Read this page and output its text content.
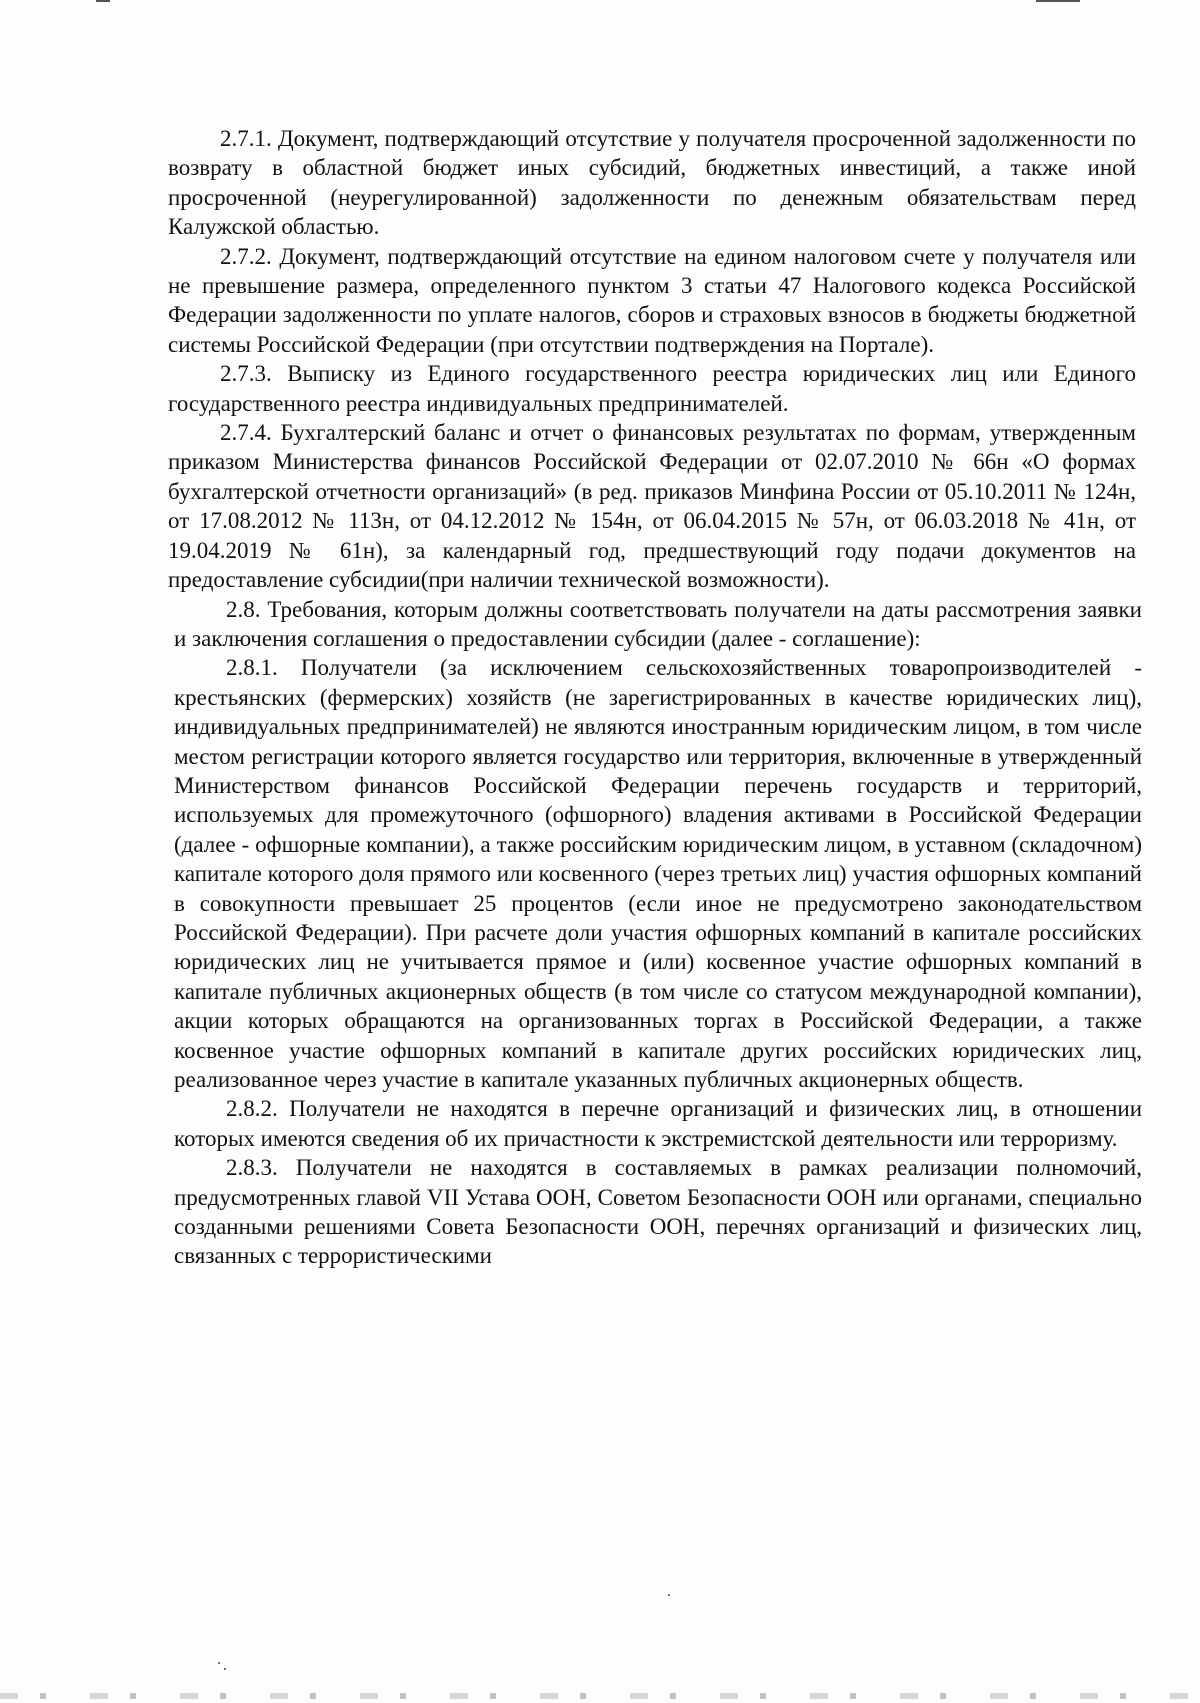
2.7.1. Документ, подтверждающий отсутствие у получателя просроченной задолженности по возврату в областной бюджет иных субсидий, бюджетных инвестиций, а также иной просроченной (неурегулированной) задолженности по денежным обязательствам перед Калужской областью.

2.7.2. Документ, подтверждающий отсутствие на едином налоговом счете у получателя или не превышение размера, определенного пунктом 3 статьи 47 Налогового кодекса Российской Федерации задолженности по уплате налогов, сборов и страховых взносов в бюджеты бюджетной системы Российской Федерации (при отсутствии подтверждения на Портале).

2.7.3. Выписку из Единого государственного реестра юридических лиц или Единого государственного реестра индивидуальных предпринимателей.

2.7.4. Бухгалтерский баланс и отчет о финансовых результатах по формам, утвержденным приказом Министерства финансов Российской Федерации от 02.07.2010 № 66н «О формах бухгалтерской отчетности организаций» (в ред. приказов Минфина России от 05.10.2011 № 124н, от 17.08.2012 № 113н, от 04.12.2012 № 154н, от 06.04.2015 № 57н, от 06.03.2018 № 41н, от 19.04.2019 № 61н), за календарный год, предшествующий году подачи документов на предоставление субсидии(при наличии технической возможности).

2.8. Требования, которым должны соответствовать получатели на даты рассмотрения заявки и заключения соглашения о предоставлении субсидии (далее - соглашение):

2.8.1. Получатели (за исключением сельскохозяйственных товаропроизводителей - крестьянских (фермерских) хозяйств (не зарегистрированных в качестве юридических лиц), индивидуальных предпринимателей) не являются иностранным юридическим лицом, в том числе местом регистрации которого является государство или территория, включенные в утвержденный Министерством финансов Российской Федерации перечень государств и территорий, используемых для промежуточного (офшорного) владения активами в Российской Федерации (далее - офшорные компании), а также российским юридическим лицом, в уставном (складочном) капитале которого доля прямого или косвенного (через третьих лиц) участия офшорных компаний в совокупности превышает 25 процентов (если иное не предусмотрено законодательством Российской Федерации). При расчете доли участия офшорных компаний в капитале российских юридических лиц не учитывается прямое и (или) косвенное участие офшорных компаний в капитале публичных акционерных обществ (в том числе со статусом международной компании), акции которых обращаются на организованных торгах в Российской Федерации, а также косвенное участие офшорных компаний в капитале других российских юридических лиц, реализованное через участие в капитале указанных публичных акционерных обществ.

2.8.2. Получатели не находятся в перечне организаций и физических лиц, в отношении которых имеются сведения об их причастности к экстремистской деятельности или терроризму.

2.8.3. Получатели не находятся в составляемых в рамках реализации полномочий, предусмотренных главой VII Устава ООН, Советом Безопасности ООН или органами, специально созданными решениями Совета Безопасности ООН, перечнях организаций и физических лиц, связанных с террористическими
